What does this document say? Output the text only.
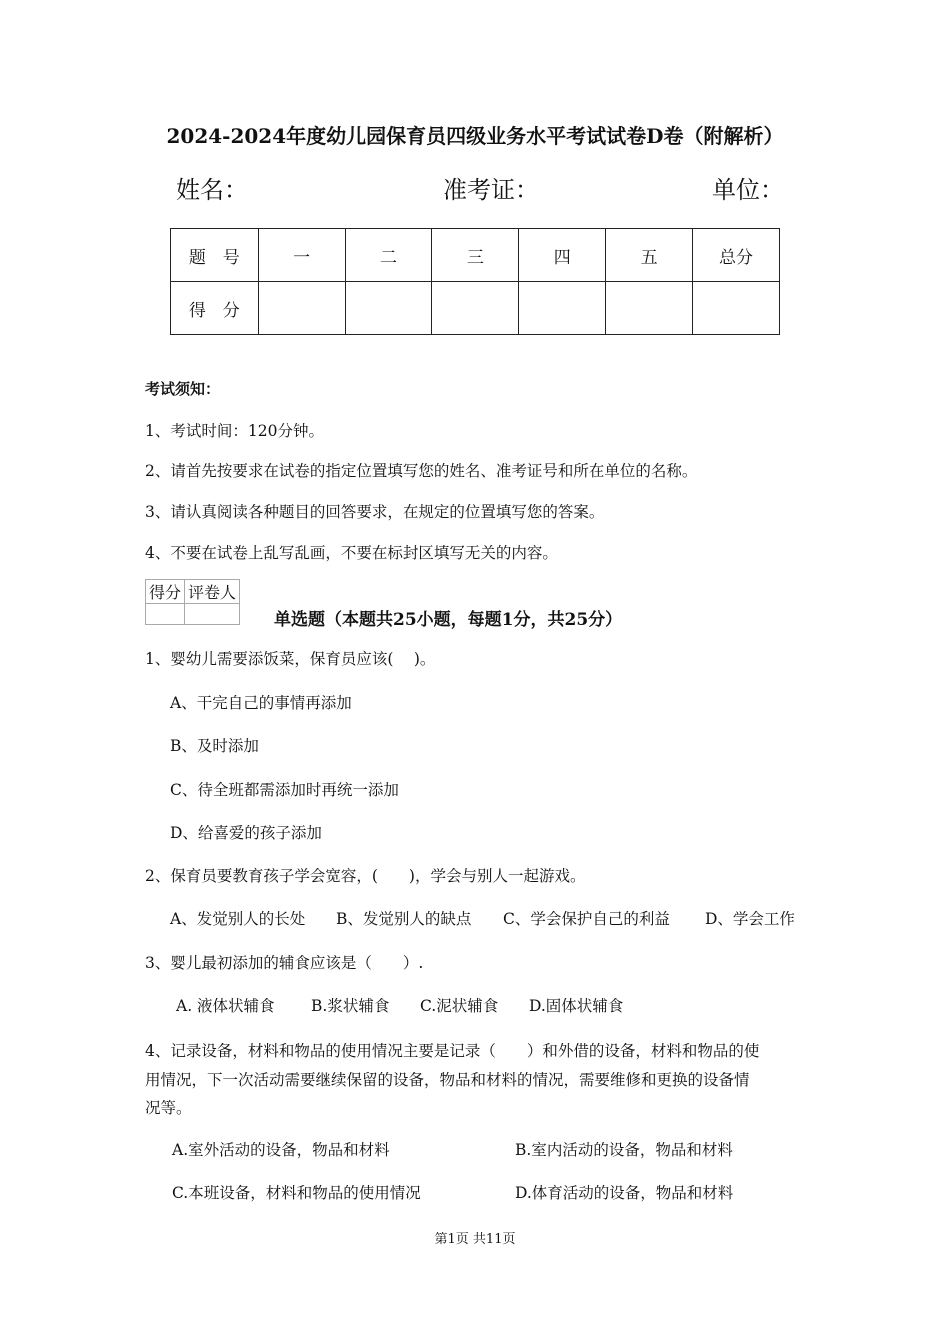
2024-2024年度幼儿园保育员四级业务水平考试试卷D卷（附解析）
姓名：	准考证：	单位：
题　号	一	二	三	四	五	总分
得　分						
考试须知：
1、考试时间：120分钟。
2、请首先按要求在试卷的指定位置填写您的姓名、准考证号和所在单位的名称。
3、请认真阅读各种题目的回答要求，在规定的位置填写您的答案。
4、不要在试卷上乱写乱画，不要在标封区填写无关的内容。
得分	评卷人

单选题（本题共25小题，每题1分，共25分）
1、婴幼儿需要添饭菜，保育员应该(　 )。
A、干完自己的事情再添加
B、及时添加
C、待全班都需添加时再统一添加
D、给喜爱的孩子添加
2、保育员要教育孩子学会宽容，(　　)，学会与别人一起游戏。
A、发觉别人的长处 B、发觉别人的缺点 C、学会保护自己的利益 D、学会工作
3、婴儿最初添加的辅食应该是（　　）.
A. 液体状辅食 B.浆状辅食 C.泥状辅食 D.固体状辅食
4、记录设备，材料和物品的使用情况主要是记录（　　）和外借的设备，材料和物品的使
用情况，下一次活动需要继续保留的设备，物品和材料的情况，需要维修和更换的设备情
况等。
A.室外活动的设备，物品和材料	B.室内活动的设备，物品和材料
C.本班设备，材料和物品的使用情况	D.体育活动的设备，物品和材料
第1页 共11页
